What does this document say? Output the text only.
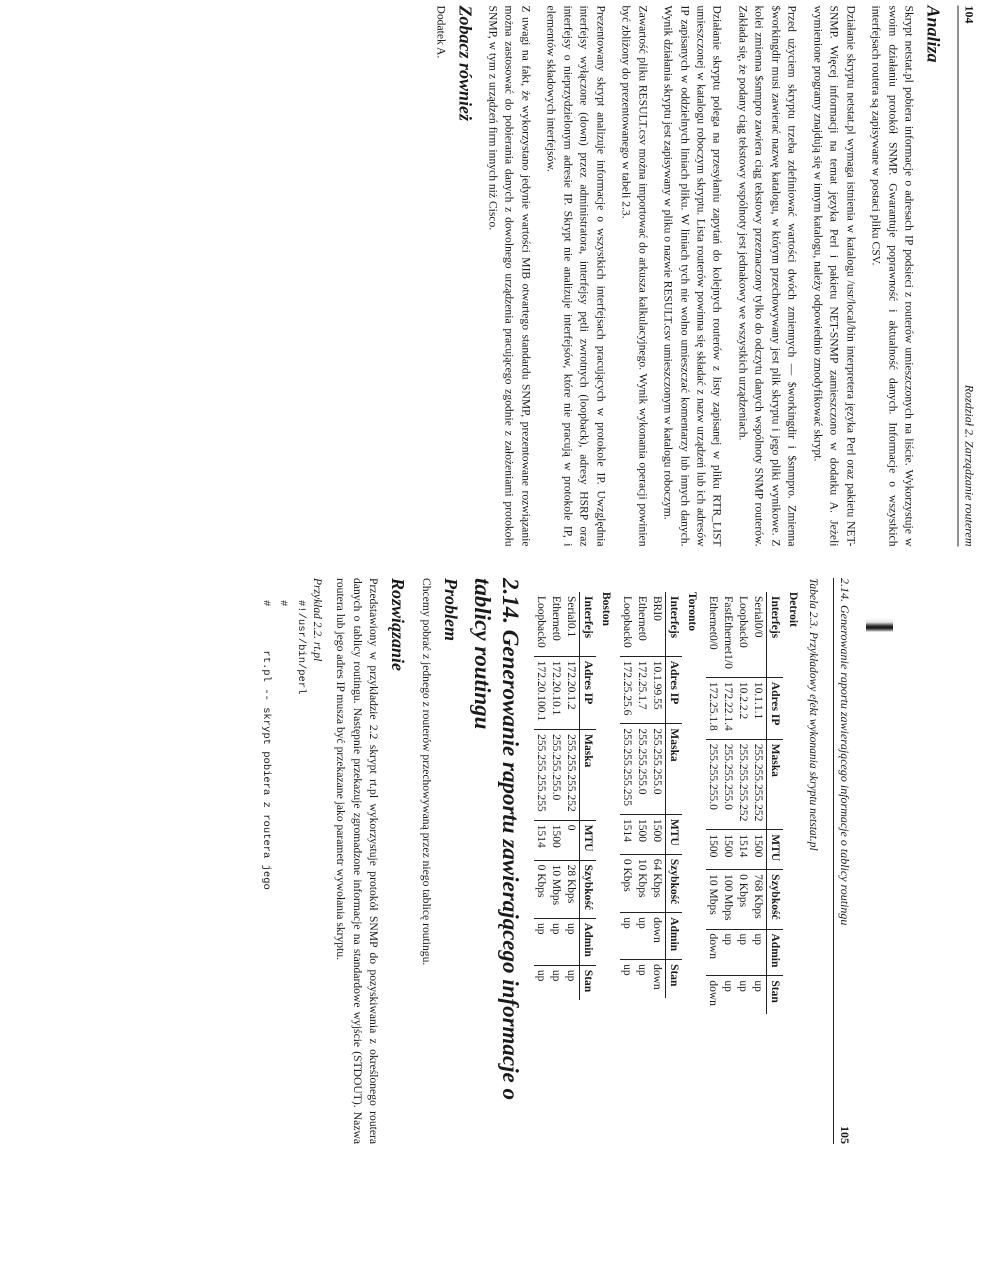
104
Rozdział 2. Zarządzanie routerem
Analiza

Skrypt netstat.pl pobiera informacje o adresach IP podsieci z routerów umieszczonych na liście. Wykorzystuje w swoim działaniu protokół SNMP. Gwarantuje poprawność i aktualność danych. Informacje o wszystkich interfejsach routera są zapisywane w postaci pliku CSV.

Działanie skryptu netstat.pl wymaga istnienia w katalogu /usr/local/bin interpretera języka Perl oraz pakietu NET-SNMP. Więcej informacji na temat języka Perl i pakietu NET-SNMP zamieszczono w dodatku A. Jeżeli wymienione programy znajdują się w innym katalogu, należy odpowiednio zmodyfikować skrypt.

Przed użyciem skryptu trzeba zdefiniować wartości dwóch zmiennych — $workingdir i $snmpro. Zmienna $workingdir musi zawierać nazwę katalogu, w którym przechowywany jest plik skryptu i jego pliki wynikowe. Z kolei zmienna $snmpro zawiera ciąg tekstowy przeznaczony tylko do odczytu danych wspólnoty SNMP routerów. Zakłada się, że podany ciąg tekstowy wspólnoty jest jednakowy we wszystkich urządzeniach.

Działanie skryptu polega na przesyłaniu zapytań do kolejnych routerów z listy zapisanej w pliku RTR_LIST umieszczonej w katalogu roboczym skryptu. Lista routerów powinna się składać z nazw urządzeń lub ich adresów IP zapisanych w oddzielnych liniach pliku. W liniach tych nie wolno umieszczać komentarzy lub innych danych. Wynik działania skryptu jest zapisywany w pliku o nazwie RESULT.csv umieszczonym w katalogu roboczym.

Zawartość pliku RESULT.csv można importować do arkusza kalkulacyjnego. Wynik wykonania operacji powinien być zbliżony do prezentowanego w tabeli 2.3.

Prezentowany skrypt analizuje informacje o wszystkich interfejsach pracujących w protokole IP. Uwzględnia interfejsy wyłączone (down) przez administratora, interfejsy pętli zwrotnych (loopback), adresy HSRP oraz interfejsy o nieprzydzielonym adresie IP. Skrypt nie analizuje interfejsów, które nie pracują w protokole IP, i elementów składowych interfejsów.

Z uwagi na fakt, że wykorzystano jedynie wartości MIB otwartego standardu SNMP, prezentowane rozwiązanie można zastosować do pobierania danych z dowolnego urządzenia pracującego zgodnie z założeniami protokołu SNMP, w tym z urządzeń firm innych niż Cisco.

Zobacz również

Dodatek A.

2.14. Generowanie raportu zawierającego informacje o tablicy routingu
105
Tabela 2.3. Przykładowy efekt wykonania skryptu netstat.pl
Detroit
Interfejs	Adres IP	Maska	MTU	Szybkość	Admin	Stan
Serial0/0	10.1.1.1	255.255.255.252	1500	768 Kbps	up	up
Loopback0	10.2.2.2	255.255.255.252	1514	0 Kbps	up	up
FastEthernet1/0	172.22.1.4	255.255.255.0	1500	100 Mbps	up	up
Ethernet0/0	172.25.1.8	255.255.255.0	1500	10 Mbps	down	down
Toronto
Interfejs	Adres IP	Maska	MTU	Szybkość	Admin	Stan
BRI0	10.1.99.55	255.255.255.0	1500	64 Kbps	down	down
Ethernet0	172.25.1.7	255.255.255.0	1500	10 Kbps	up	up
Loopback0	172.25.25.6	255.255.255.255	1514	0 Kbps	up	up
Boston
Interfejs	Adres IP	Maska	MTU	Szybkość	Admin	Stan
Serial0.1	172.20.1.2	255.255.255.252	0	28 Kbps	up	up
Ethernet0	172.20.10.1	255.255.255.0	1500	10 Mbps	up	up
Loopback0	172.20.100.1	255.255.255.255	1514	0 Kbps	up	up
2.14. Generowanie raportu zawierającego informacje o tablicy routingu
Problem

Chcemy pobrać z jednego z routerów przechowywaną przez niego tablicę routingu.

Rozwiązanie

Przedstawiony w przykładzie 2.2 skrypt rt.pl wykorzystuje protokół SNMP do pozyskiwania z określonego routera danych o tablicy routingu. Następnie przekazuje zgromadzone informacje na standardowe wyjście (STDOUT). Nazwa routera lub jego adres IP musza być przekazane jako parametr wywołania skryptu.

Przykład 2.2. rt.pl
#!/usr/bin/perl
#
#       rt.pl -- skrypt pobiera z routera jego
